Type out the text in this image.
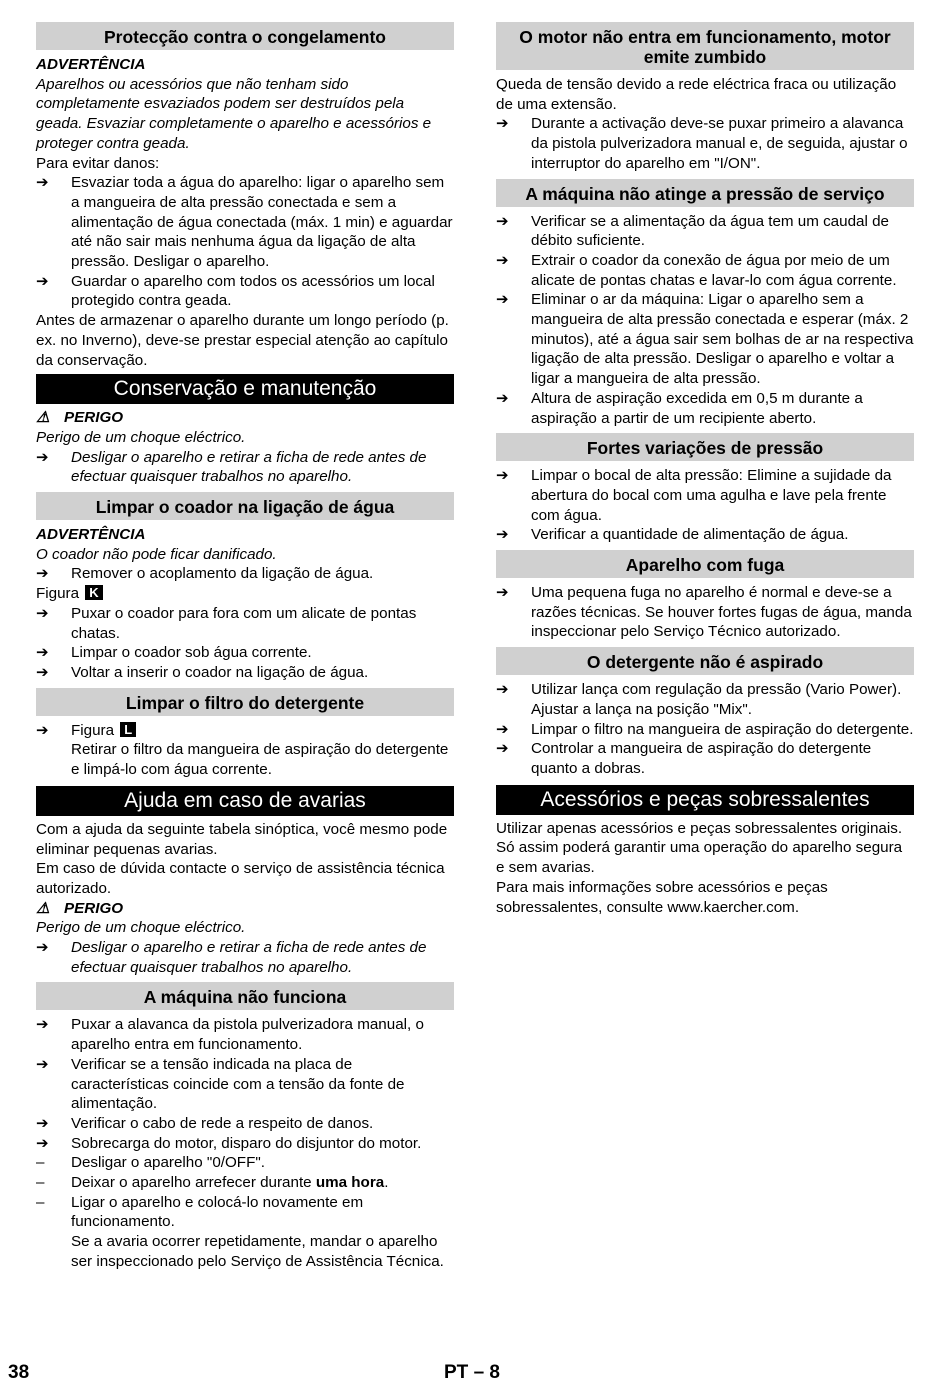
Protecção contra o congelamento

ADVERTÊNCIA

Aparelhos ou acessórios que não tenham sido completamente esvaziados podem ser destruídos pela geada. Esvaziar completamente o aparelho e acessórios e proteger contra geada.

Para evitar danos:

➔	Esvaziar toda a água do aparelho: ligar o aparelho sem a mangueira de alta pressão conectada e sem a alimentação de água conectada (máx. 1 min) e aguardar até não sair mais nenhuma água da ligação de alta pressão. Desligar o aparelho.
➔	Guardar o aparelho com todos os acessórios um local protegido contra geada.

Antes de armazenar o aparelho durante um longo período (p. ex. no Inverno), deve-se prestar especial atenção ao capítulo da conservação.

Conservação e manutenção

⚠ PERIGO

Perigo de um choque eléctrico.

➔	Desligar o aparelho e retirar a ficha de rede antes de efectuar quaisquer trabalhos no aparelho.
Limpar o coador na ligação de água

ADVERTÊNCIA

O coador não pode ficar danificado.

➔	Remover o acoplamento da ligação de água.

Figura K

➔	Puxar o coador para fora com um alicate de pontas chatas.
➔	Limpar o coador sob água corrente.
➔	Voltar a inserir o coador na ligação de água.
Limpar o filtro do detergente
➔	Figura L
Retirar o filtro da mangueira de aspiração do detergente e limpá-lo com água corrente.
Ajuda em caso de avarias

Com a ajuda da seguinte tabela sinóptica, você mesmo pode eliminar pequenas avarias.

Em caso de dúvida contacte o serviço de assistência técnica autorizado.

⚠ PERIGO

Perigo de um choque eléctrico.

➔	Desligar o aparelho e retirar a ficha de rede antes de efectuar quaisquer trabalhos no aparelho.
A máquina não funciona
➔	Puxar a alavanca da pistola pulverizadora manual, o aparelho entra em funcionamento.
➔	Verificar se a tensão indicada na placa de características coincide com a tensão da fonte de alimentação.
➔	Verificar o cabo de rede a respeito de danos.
➔	Sobrecarga do motor, disparo do disjuntor do motor.
–	Desligar o aparelho "0/OFF".
–	Deixar o aparelho arrefecer durante uma hora.
–	Ligar o aparelho e colocá-lo novamente em funcionamento.
Se a avaria ocorrer repetidamente, mandar o aparelho ser inspeccionado pelo Serviço de Assistência Técnica.
O motor não entra em funcionamento, motor emite zumbido

Queda de tensão devido a rede eléctrica fraca ou utilização de uma extensão.

➔	Durante a activação deve-se puxar primeiro a alavanca da pistola pulverizadora manual e, de seguida, ajustar o interruptor do aparelho em "I/ON".
A máquina não atinge a pressão de serviço
➔	Verificar se a alimentação da água tem um caudal de débito suficiente.
➔	Extrair o coador da conexão de água por meio de um alicate de pontas chatas e lavar-lo com água corrente.
➔	Eliminar o ar da máquina: Ligar o aparelho sem a mangueira de alta pressão conectada e esperar (máx. 2 minutos), até a água sair sem bolhas de ar na respectiva ligação de alta pressão. Desligar o aparelho e voltar a ligar a mangueira de alta pressão.
➔	Altura de aspiração excedida em 0,5 m durante a aspiração a partir de um recipiente aberto.
Fortes variações de pressão
➔	Limpar o bocal de alta pressão: Elimine a sujidade da abertura do bocal com uma agulha e lave pela frente com água.
➔	Verificar a quantidade de alimentação de água.
Aparelho com fuga
➔	Uma pequena fuga no aparelho é normal e deve-se a razões técnicas. Se houver fortes fugas de água, manda inspeccionar pelo Serviço Técnico autorizado.
O detergente não é aspirado
➔	Utilizar lança com regulação da pressão (Vario Power).
Ajustar a lança na posição "Mix".
➔	Limpar o filtro na mangueira de aspiração do detergente.
➔	Controlar a mangueira de aspiração do detergente quanto a dobras.
Acessórios e peças sobressalentes

Utilizar apenas acessórios e peças sobressalentes originais. Só assim poderá garantir uma operação do aparelho segura e sem avarias.

Para mais informações sobre acessórios e peças sobressalentes, consulte www.kaercher.com.

38	PT – 8
